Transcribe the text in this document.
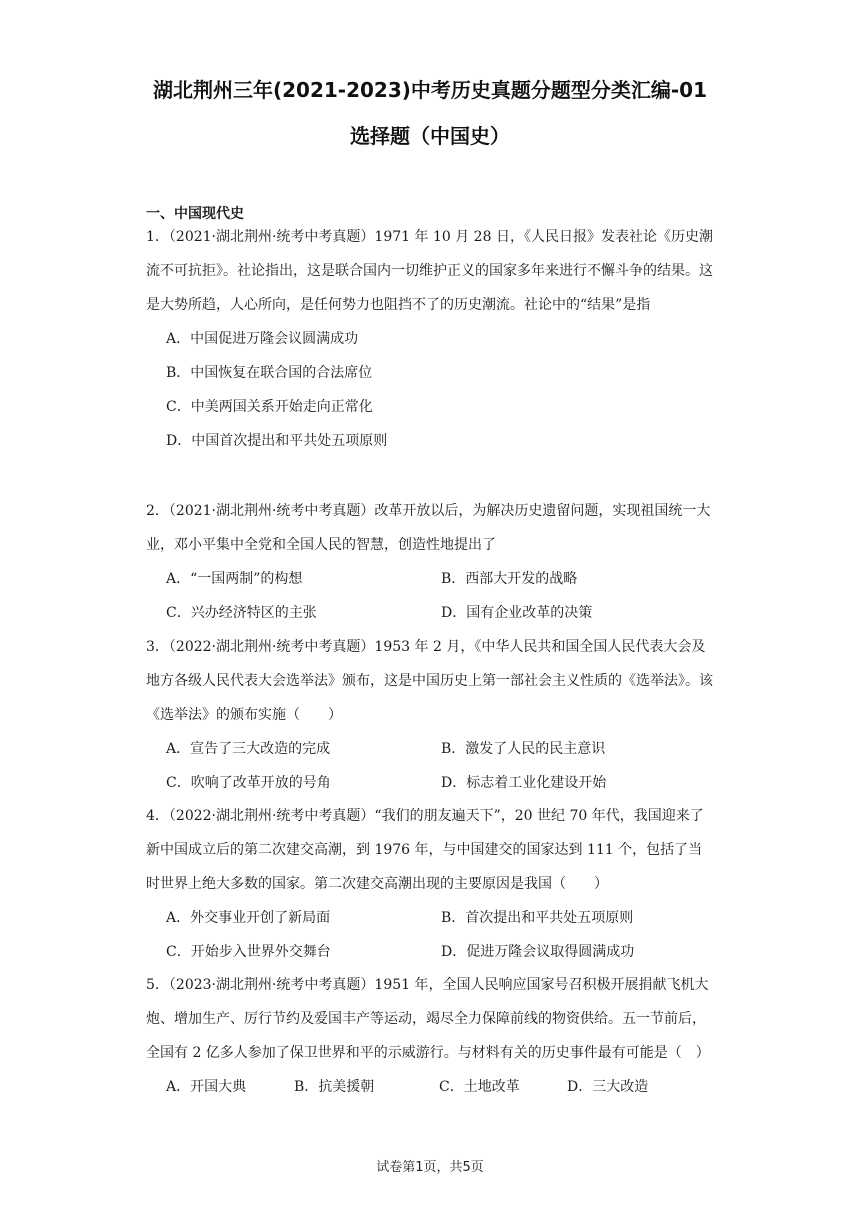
湖北荆州三年(2021-2023)中考历史真题分题型分类汇编-01
选择题（中国史）
一、中国现代史

1．（2021·湖北荆州·统考中考真题）1971 年 10 月 28 日，《人民日报》发表社论《历史潮流不可抗拒》。社论指出，这是联合国内一切维护正义的国家多年来进行不懈斗争的结果。这是大势所趋，人心所向，是任何势力也阻挡不了的历史潮流。社论中的“结果”是指

A．中国促进万隆会议圆满成功
B．中国恢复在联合国的合法席位
C．中美两国关系开始走向正常化
D．中国首次提出和平共处五项原则

2．（2021·湖北荆州·统考中考真题）改革开放以后，为解决历史遗留问题，实现祖国统一大业，邓小平集中全党和全国人民的智慧，创造性地提出了

A．“一国两制”的构想	B．西部大开发的战略
C．兴办经济特区的主张	D．国有企业改革的决策

3．（2022·湖北荆州·统考中考真题）1953 年 2 月，《中华人民共和国全国人民代表大会及地方各级人民代表大会选举法》颁布，这是中国历史上第一部社会主义性质的《选举法》。该《选举法》的颁布实施（　　）

A．宣告了三大改造的完成	B．激发了人民的民主意识
C．吹响了改革开放的号角	D．标志着工业化建设开始

4．（2022·湖北荆州·统考中考真题）“我们的朋友遍天下”，20 世纪 70 年代，我国迎来了新中国成立后的第二次建交高潮，到 1976 年，与中国建交的国家达到 111 个，包括了当时世界上绝大多数的国家。第二次建交高潮出现的主要原因是我国（　　）

A．外交事业开创了新局面	B．首次提出和平共处五项原则
C．开始步入世界外交舞台	D．促进万隆会议取得圆满成功

5．（2023·湖北荆州·统考中考真题）1951 年，全国人民响应国家号召积极开展捐献飞机大炮、增加生产、厉行节约及爱国丰产等运动，竭尽全力保障前线的物资供给。五一节前后，全国有 2 亿多人参加了保卫世界和平的示威游行。与材料有关的历史事件最有可能是（　）

A．开国大典	B．抗美援朝	C．土地改革	D．三大改造
试卷第1页，共5页
